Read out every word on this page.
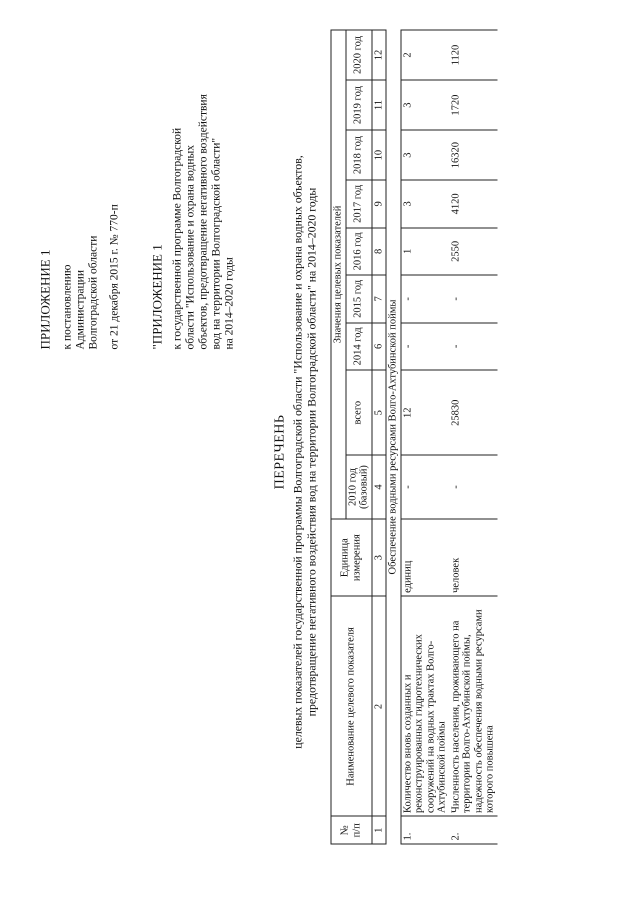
ПРИЛОЖЕНИЕ 1 к постановлению Администрации Волгоградской области от 21 декабря 2015 г. № 770-п "ПРИЛОЖЕНИЕ 1 к государственной программе Волгоградской области "Использование и охрана водных объектов, предотвращение негативного воздействия вод на территории Волгоградской области" на 2014–2020 годы
ПЕРЕЧЕНЬ целевых показателей государственной программы Волгоградской области "Использование и охрана водных объектов, предотвращение негативного воздействия вод на территории Волгоградской области" на 2014–2020 годы
№ п/п	Наименование целевого показателя	Единица измерения	Значения целевых показателей								
			2010 год (базовый)	всего	2014 год	2015 год	2016 год	2017 год	2018 год	2019 год	2020 год
1	2	3	4	5	6	7	8	9	10	11	12
Обеспечение водными ресурсами Волго-Ахтубинской поймы											
1.	Количество вновь созданных и реконструированных гидротехнических сооружений на водных трактах Волго-Ахтубинской поймы	единиц	-	12	-	-	1	3	3	3	2
2.	Численность населения, проживающего на территории Волго-Ахтубинской поймы, надежность обеспечения водными ресурсами которого повышена	человек	-	25830	-	-	2550	4120	16320	1720	1120
